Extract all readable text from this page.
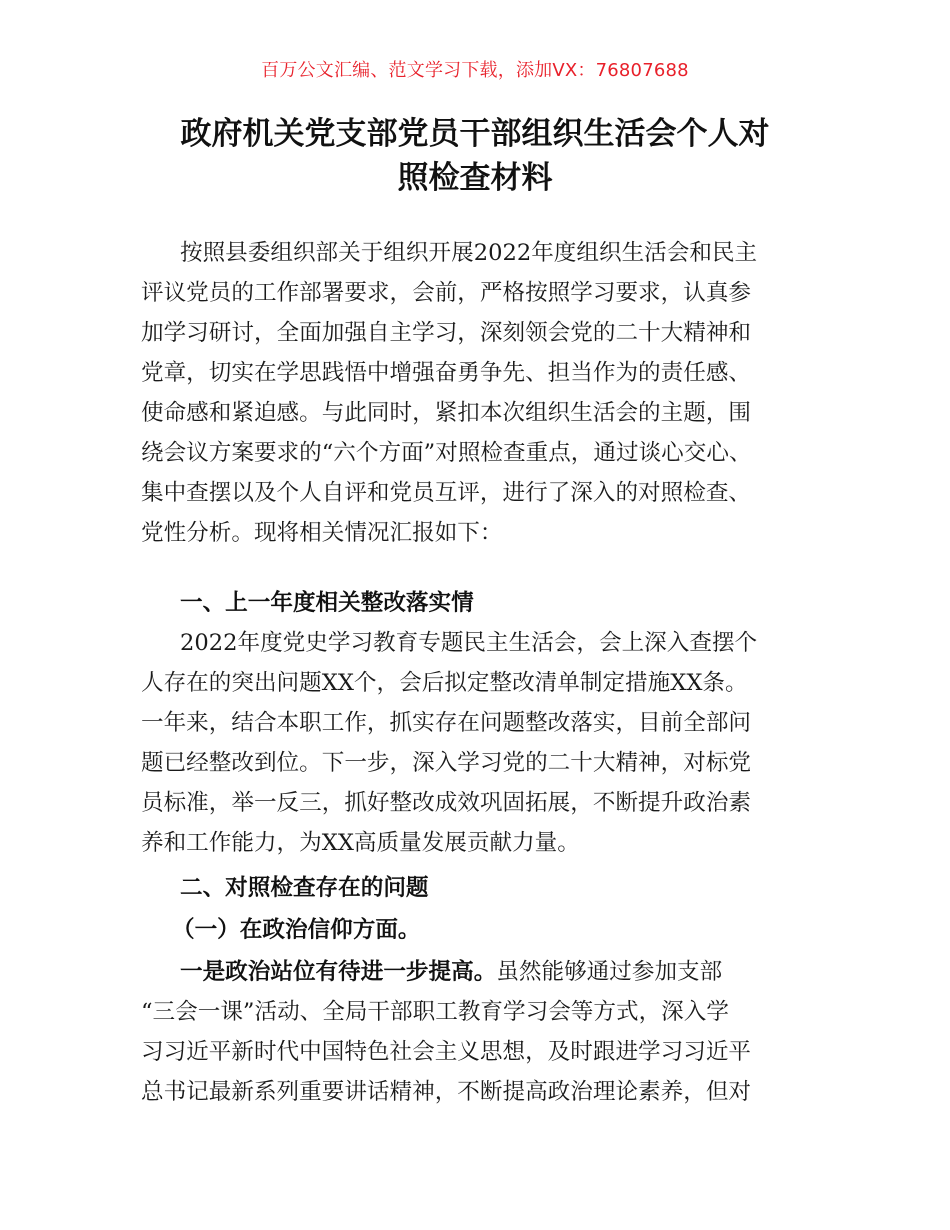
百万公文汇编、范文学习下载，添加VX：76807688
政府机关党支部党员干部组织生活会个人对
照检查材料
按照县委组织部关于组织开展2022年度组织生活会和民主
评议党员的工作部署要求，会前，严格按照学习要求，认真参
加学习研讨，全面加强自主学习，深刻领会党的二十大精神和
党章，切实在学思践悟中增强奋勇争先、担当作为的责任感、
使命感和紧迫感。与此同时，紧扣本次组织生活会的主题，围
绕会议方案要求的“六个方面”对照检查重点，通过谈心交心、
集中查摆以及个人自评和党员互评，进行了深入的对照检查、
党性分析。现将相关情况汇报如下：
一、上一年度相关整改落实情
2022年度党史学习教育专题民主生活会，会上深入查摆个
人存在的突出问题XX个，会后拟定整改清单制定措施XX条。
一年来，结合本职工作，抓实存在问题整改落实，目前全部问
题已经整改到位。下一步，深入学习党的二十大精神，对标党
员标准，举一反三，抓好整改成效巩固拓展，不断提升政治素
养和工作能力，为XX高质量发展贡献力量。
二、对照检查存在的问题
（一）在政治信仰方面。
一是政治站位有待进一步提高。虽然能够通过参加支部
“三会一课”活动、全局干部职工教育学习会等方式，深入学
习习近平新时代中国特色社会主义思想，及时跟进学习习近平
总书记最新系列重要讲话精神，不断提高政治理论素养，但对
